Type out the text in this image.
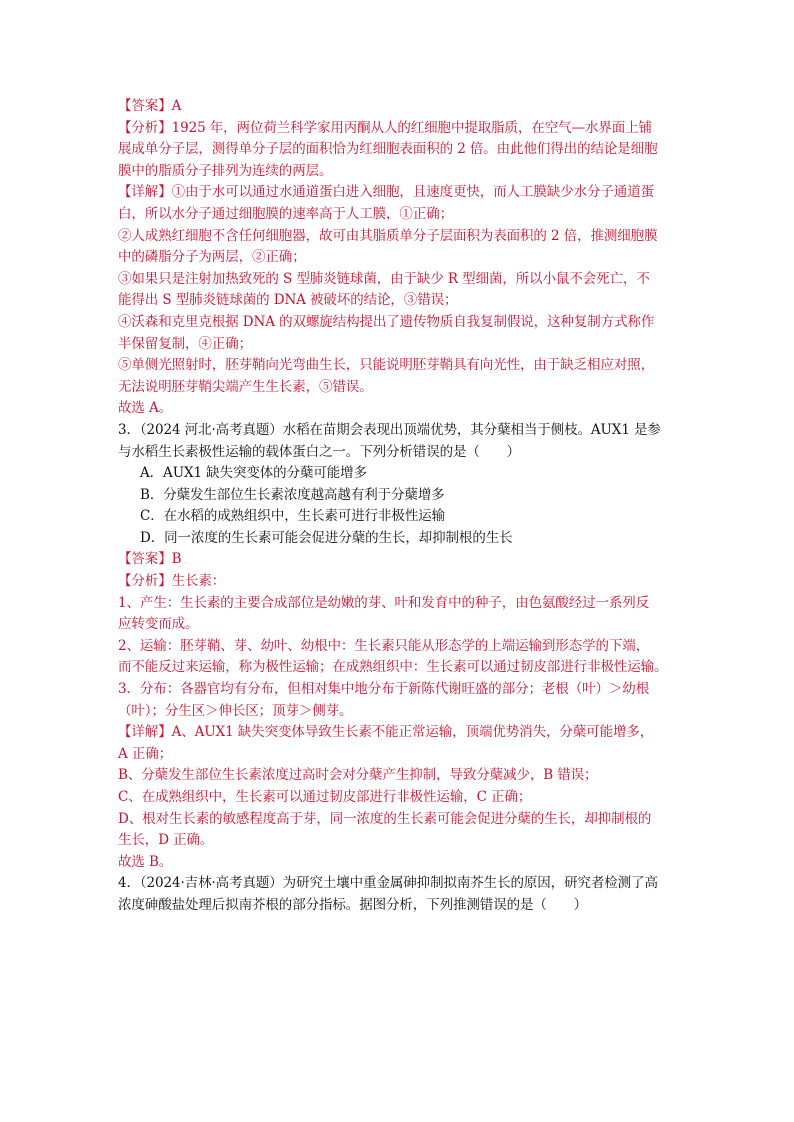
【答案】A
【分析】1925 年，两位荷兰科学家用丙酮从人的红细胞中提取脂质，在空气—水界面上铺
展成单分子层，测得单分子层的面积恰为红细胞表面积的 2 倍。由此他们得出的结论是细胞
膜中的脂质分子排列为连续的两层。
【详解】①由于水可以通过水通道蛋白进入细胞，且速度更快，而人工膜缺少水分子通道蛋
白，所以水分子通过细胞膜的速率高于人工膜，①正确；
②人成熟红细胞不含任何细胞器，故可由其脂质单分子层面积为表面积的 2 倍，推测细胞膜
中的磷脂分子为两层，②正确；
③如果只是注射加热致死的 S 型肺炎链球菌，由于缺少 R 型细菌，所以小鼠不会死亡，不
能得出 S 型肺炎链球菌的 DNA 被破坏的结论，③错误；
④沃森和克里克根据 DNA 的双螺旋结构提出了遗传物质自我复制假说，这种复制方式称作
半保留复制，④正确；
⑤单侧光照射时，胚芽鞘向光弯曲生长，只能说明胚芽鞘具有向光性，由于缺乏相应对照，
无法说明胚芽鞘尖端产生生长素，⑤错误。
故选 A。
3．（2024 河北·高考真题）水稻在苗期会表现出顶端优势，其分蘖相当于侧枝。AUX1 是参
与水稻生长素极性运输的载体蛋白之一。下列分析错误的是（　　）
A．AUX1 缺失突变体的分蘖可能增多
B．分蘖发生部位生长素浓度越高越有利于分蘖增多
C．在水稻的成熟组织中，生长素可进行非极性运输
D．同一浓度的生长素可能会促进分蘖的生长，却抑制根的生长
【答案】B
【分析】生长素：
1、产生：生长素的主要合成部位是幼嫩的芽、叶和发育中的种子，由色氨酸经过一系列反
应转变而成。
2、运输：胚芽鞘、芽、幼叶、幼根中：生长素只能从形态学的上端运输到形态学的下端，
而不能反过来运输，称为极性运输；在成熟组织中：生长素可以通过韧皮部进行非极性运输。
3．分布：各器官均有分布，但相对集中地分布于新陈代谢旺盛的部分；老根（叶）＞幼根
（叶）；分生区＞伸长区；顶芽＞侧芽。
【详解】A、AUX1 缺失突变体导致生长素不能正常运输，顶端优势消失，分蘖可能增多，
A 正确；
B、分蘖发生部位生长素浓度过高时会对分蘖产生抑制，导致分蘖减少，B 错误；
C、在成熟组织中，生长素可以通过韧皮部进行非极性运输，C 正确；
D、根对生长素的敏感程度高于芽，同一浓度的生长素可能会促进分蘖的生长，却抑制根的
生长，D 正确。
故选 B。
4．（2024·吉林·高考真题）为研究土壤中重金属砷抑制拟南芥生长的原因，研究者检测了高
浓度砷酸盐处理后拟南芥根的部分指标。据图分析，下列推测错误的是（　　）
